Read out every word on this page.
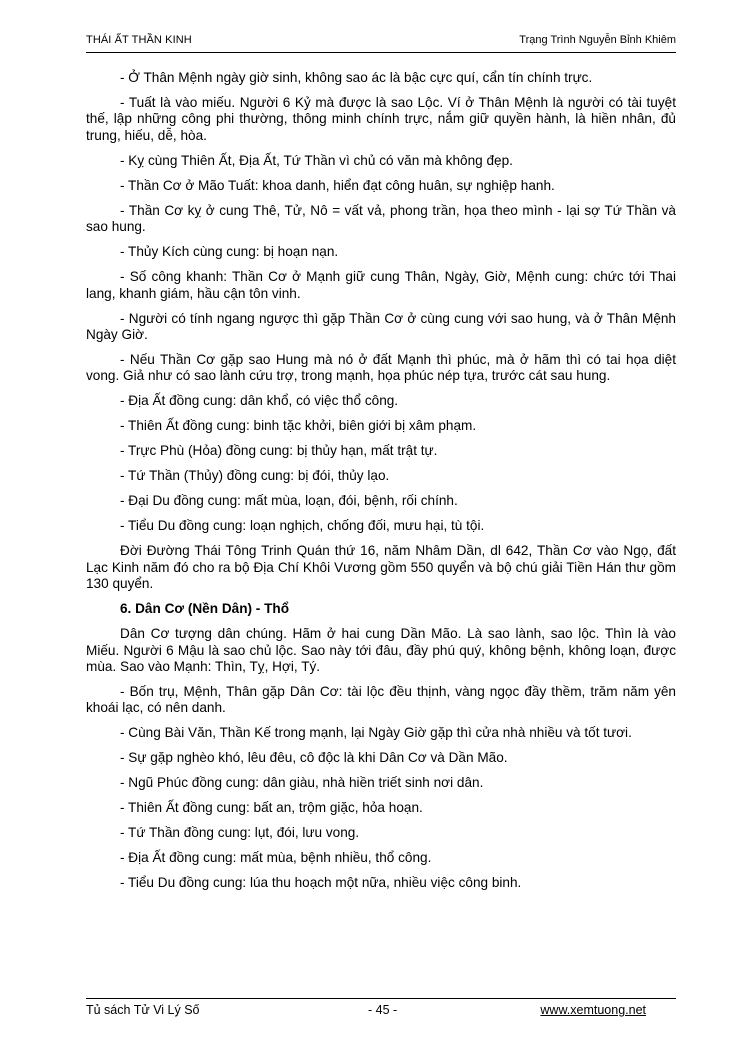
THÁI ẤT THẦN KINH	Trạng Trình Nguyễn Bỉnh Khiêm

- Ở Thân Mệnh ngày giờ sinh, không sao ác là bậc cực quí, cẩn tín chính trực.

- Tuất là vào miếu. Người 6 Kỷ mà được là sao Lộc. Ví ở Thân Mệnh là người có tài tuyệt thế, lập những công phi thường, thông minh chính trực, nắm giữ quyền hành, là hiền nhân, đủ trung, hiếu, dễ, hòa.

- Kỵ cùng Thiên Ất, Địa Ất, Tứ Thần vì chủ có văn mà không đẹp.

- Thần Cơ ở Mão Tuất: khoa danh, hiển đạt công huân, sự nghiệp hanh.

- Thần Cơ kỵ ở cung Thê, Tử, Nô = vất vả, phong trần, họa theo mình - lại sợ Tứ Thần và sao hung.

- Thủy Kích cùng cung: bị hoạn nạn.

- Số công khanh: Thần Cơ ở Mạnh giữ cung Thân, Ngày, Giờ, Mệnh cung: chức tới Thai lang, khanh giám, hầu cận tôn vinh.

- Người có tính ngang ngược thì gặp Thần Cơ ở cùng cung với sao hung, và ở Thân Mệnh Ngày Giờ.

- Nếu Thần Cơ gặp sao Hung mà nó ở đất Mạnh thì phúc, mà ở hãm thì có tai họa diệt vong. Giả như có sao lành cứu trợ, trong mạnh, họa phúc nép tựa, trước cát sau hung.

- Địa Ất đồng cung: dân khổ, có việc thổ công.

- Thiên Ất đồng cung: binh tặc khởi, biên giới bị xâm phạm.

- Trực Phù (Hỏa) đồng cung: bị thủy hạn, mất trật tự.

- Tứ Thần (Thủy) đồng cung: bị đói, thủy lạo.

- Đại Du đồng cung: mất mùa, loạn, đói, bệnh, rối chính.

- Tiểu Du đồng cung: loạn nghịch, chống đối, mưu hại, tù tội.

Đời Đường Thái Tông Trinh Quán thứ 16, năm Nhâm Dần, dl 642, Thần Cơ vào Ngọ, đất Lạc Kinh năm đó cho ra bộ Địa Chí Khôi Vương gồm 550 quyển và bộ chú giải Tiền Hán thư gồm 130 quyển.

6. Dân Cơ (Nền Dân) - Thổ

Dân Cơ tượng dân chúng. Hãm ở hai cung Dần Mão. Là sao lành, sao lộc. Thìn là vào Miếu. Người 6 Mậu là sao chủ lộc. Sao này tới đâu, đầy phú quý, không bệnh, không loạn, được mùa. Sao vào Mạnh: Thìn, Tỵ, Hợi, Tý.

- Bốn trụ, Mệnh, Thân gặp Dân Cơ: tài lộc đều thịnh, vàng ngọc đầy thềm, trăm năm yên khoái lạc, có nên danh.

- Cùng Bài Văn, Thần Kế trong mạnh, lại Ngày Giờ gặp thì cửa nhà nhiều và tốt tươi.

- Sự gặp nghèo khó, lêu đêu, cô độc là khi Dân Cơ và Dần Mão.

- Ngũ Phúc đồng cung: dân giàu, nhà hiền triết sinh nơi dân.

- Thiên Ất đồng cung: bất an, trộm giặc, hỏa hoạn.

- Tứ Thần đồng cung: lụt, đói, lưu vong.

- Địa Ất đồng cung: mất mùa, bệnh nhiều, thổ công.

- Tiểu Du đồng cung: lúa thu hoạch một nữa, nhiều việc công binh.

Tủ sách Tử Vi Lý Số	- 45 -	www.xemtuong.net
